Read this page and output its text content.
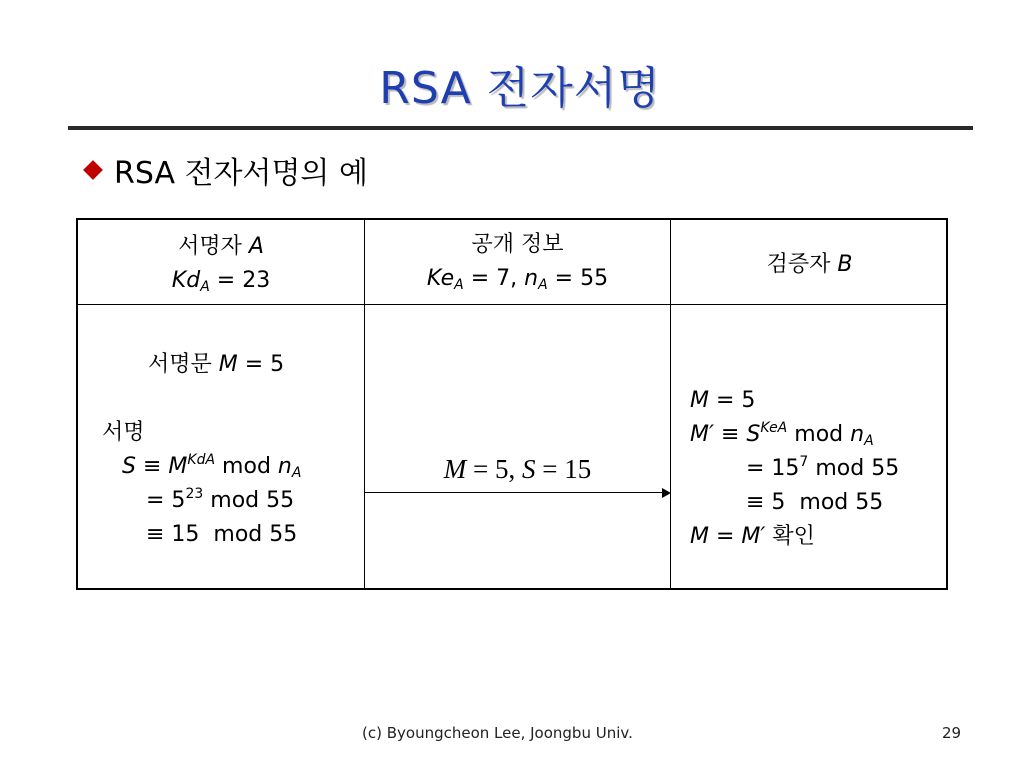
RSA 전자서명
RSA 전자서명의 예
서명자 A
$Kd_A = 23$
공개 정보
$Ke_A = 7$, $n_A = 55$
검증자 B
서명문 M = 5
서명
$S \equiv M^{KdA}$ mod $n_A$
= $5^{23}$ mod 55
≡ 15  mod 55
M = 5, S = 15
M = 5
$M' \equiv S^{KeA}$ mod $n_A$
= $15^7$ mod 55
≡ 5  mod 55
M = M′ 확인
(c) Byoungcheon Lee, Joongbu Univ.	29
